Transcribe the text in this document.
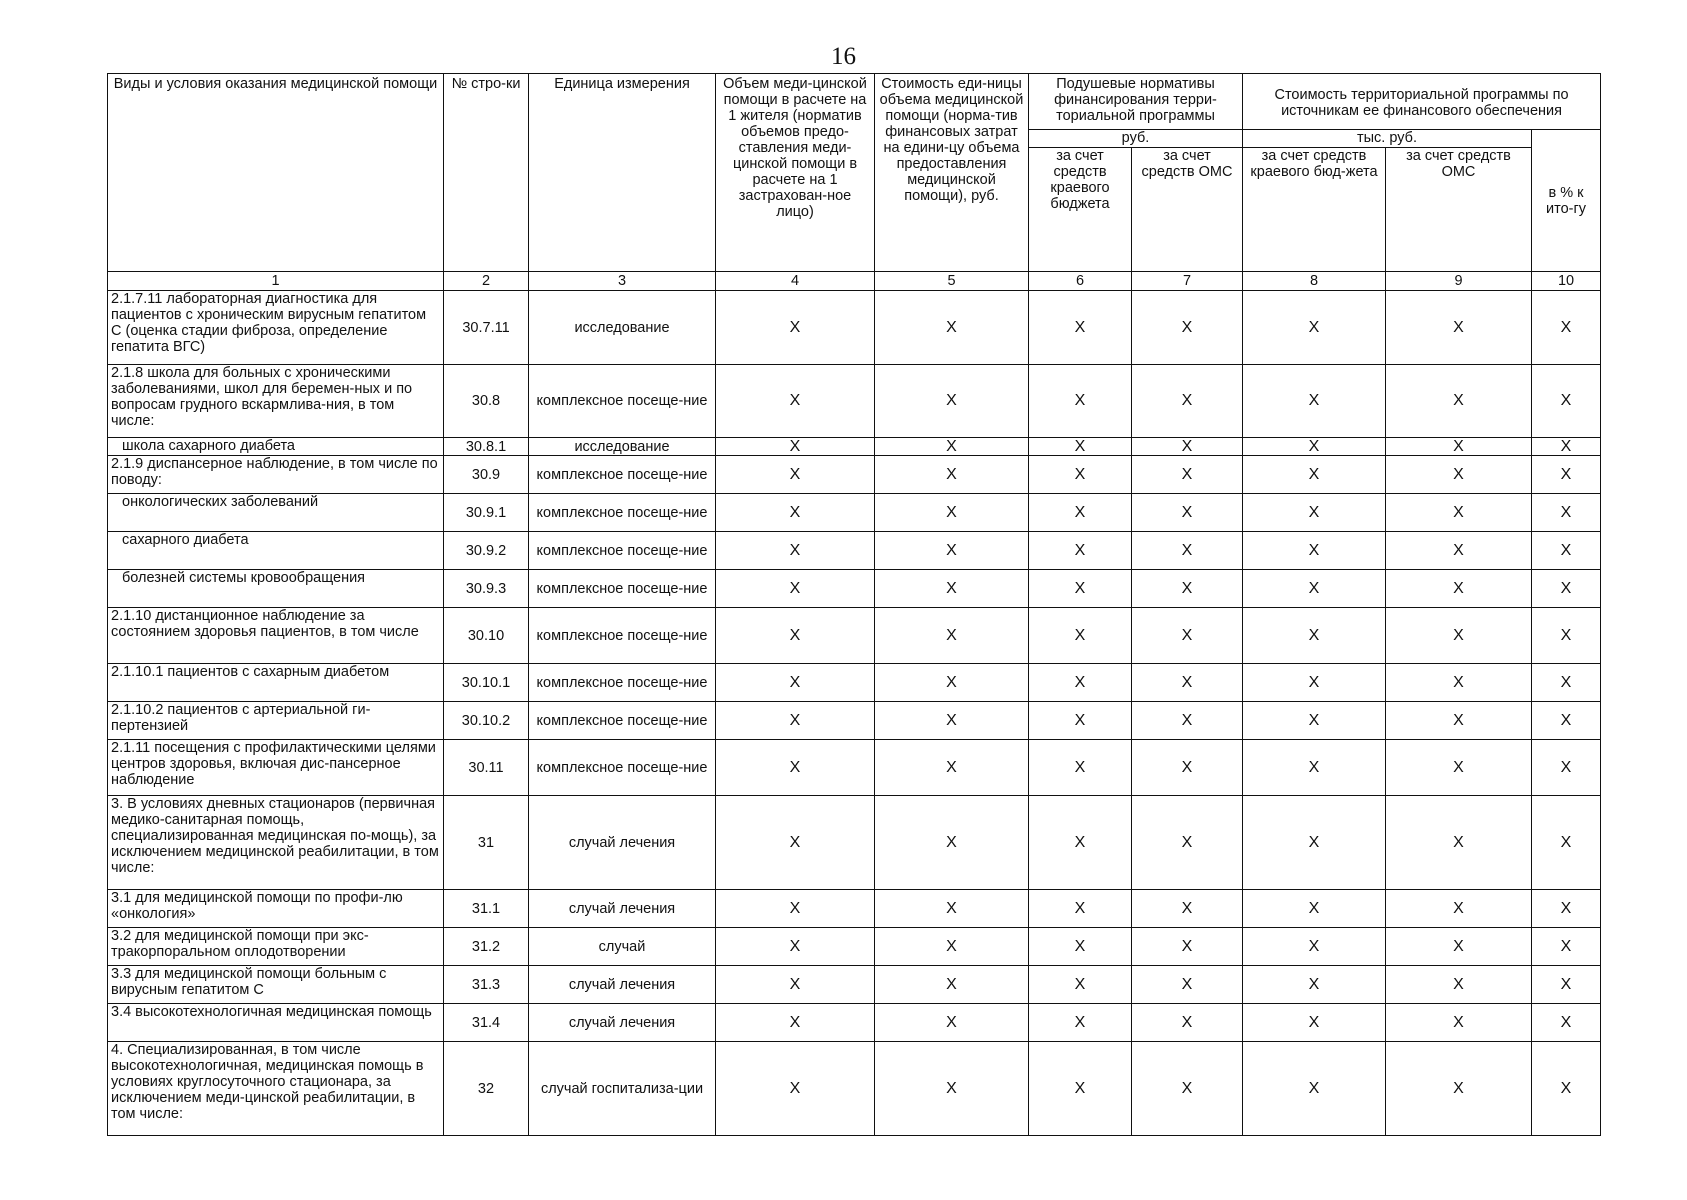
16
Виды и условия оказания медицинской помощи	№ стро-ки	Единица измерения	Объем меди-цинской помощи в расчете на 1 жителя (норматив объемов предо-ставления меди-цинской помощи в расчете на 1 застрахован-ное лицо)	Стоимость еди-ницы объема медицинской помощи (норма-тив финансовых затрат на едини-цу объема предоставления медицинской помощи), руб.	Подушевые нормативы финансирования терри-ториальной программы		Стоимость территориальной программы по источникам ее финансового обеспечения		
					руб.		тыс. руб.		в % к ито-гу
					за счет средств краевого бюджета	за счет средств ОМС	за счет средств краевого бюд-жета	за счет средств ОМС	
1	2	3	4	5	6	7	8	9	10
2.1.7.11 лабораторная диагностика для пациентов с хроническим вирусным гепатитом С (оценка стадии фиброза, определение гепатита ВГС)	30.7.11	исследование	X	X	X	X	X	X	X
2.1.8 школа для больных с хроническими заболеваниями, школ для беремен-ных и по вопросам грудного вскармлива-ния, в том числе:	30.8	комплексное посеще-ние	X	X	X	X	X	X	X
школа сахарного диабета	30.8.1	исследование	X	X	X	X	X	X	X
2.1.9 диспансерное наблюдение, в том числе по поводу:	30.9	комплексное посеще-ние	X	X	X	X	X	X	X
онкологических заболеваний	30.9.1	комплексное посеще-ние	X	X	X	X	X	X	X
сахарного диабета	30.9.2	комплексное посеще-ние	X	X	X	X	X	X	X
болезней системы кровообращения	30.9.3	комплексное посеще-ние	X	X	X	X	X	X	X
2.1.10 дистанционное наблюдение за состоянием здоровья пациентов, в том числе	30.10	комплексное посеще-ние	X	X	X	X	X	X	X
2.1.10.1 пациентов с сахарным диабетом	30.10.1	комплексное посеще-ние	X	X	X	X	X	X	X
2.1.10.2 пациентов с артериальной ги-пертензией	30.10.2	комплексное посеще-ние	X	X	X	X	X	X	X
2.1.11 посещения с профилактическими целями центров здоровья, включая дис-пансерное наблюдение	30.11	комплексное посеще-ние	X	X	X	X	X	X	X
3. В условиях дневных стационаров (первичная медико-санитарная помощь, специализированная медицинская по-мощь), за исключением медицинской реабилитации, в том числе:	31	случай лечения	X	X	X	X	X	X	X
3.1 для медицинской помощи по профи-лю «онкология»	31.1	случай лечения	X	X	X	X	X	X	X
3.2 для медицинской помощи при экс-тракорпоральном оплодотворении	31.2	случай	X	X	X	X	X	X	X
3.3 для медицинской помощи больным с вирусным гепатитом С	31.3	случай лечения	X	X	X	X	X	X	X
3.4 высокотехнологичная медицинская помощь	31.4	случай лечения	X	X	X	X	X	X	X
4. Специализированная, в том числе высокотехнологичная, медицинская помощь в условиях круглосуточного стационара, за исключением меди-цинской реабилитации, в том числе:	32	случай госпитализа-ции	X	X	X	X	X	X	X
